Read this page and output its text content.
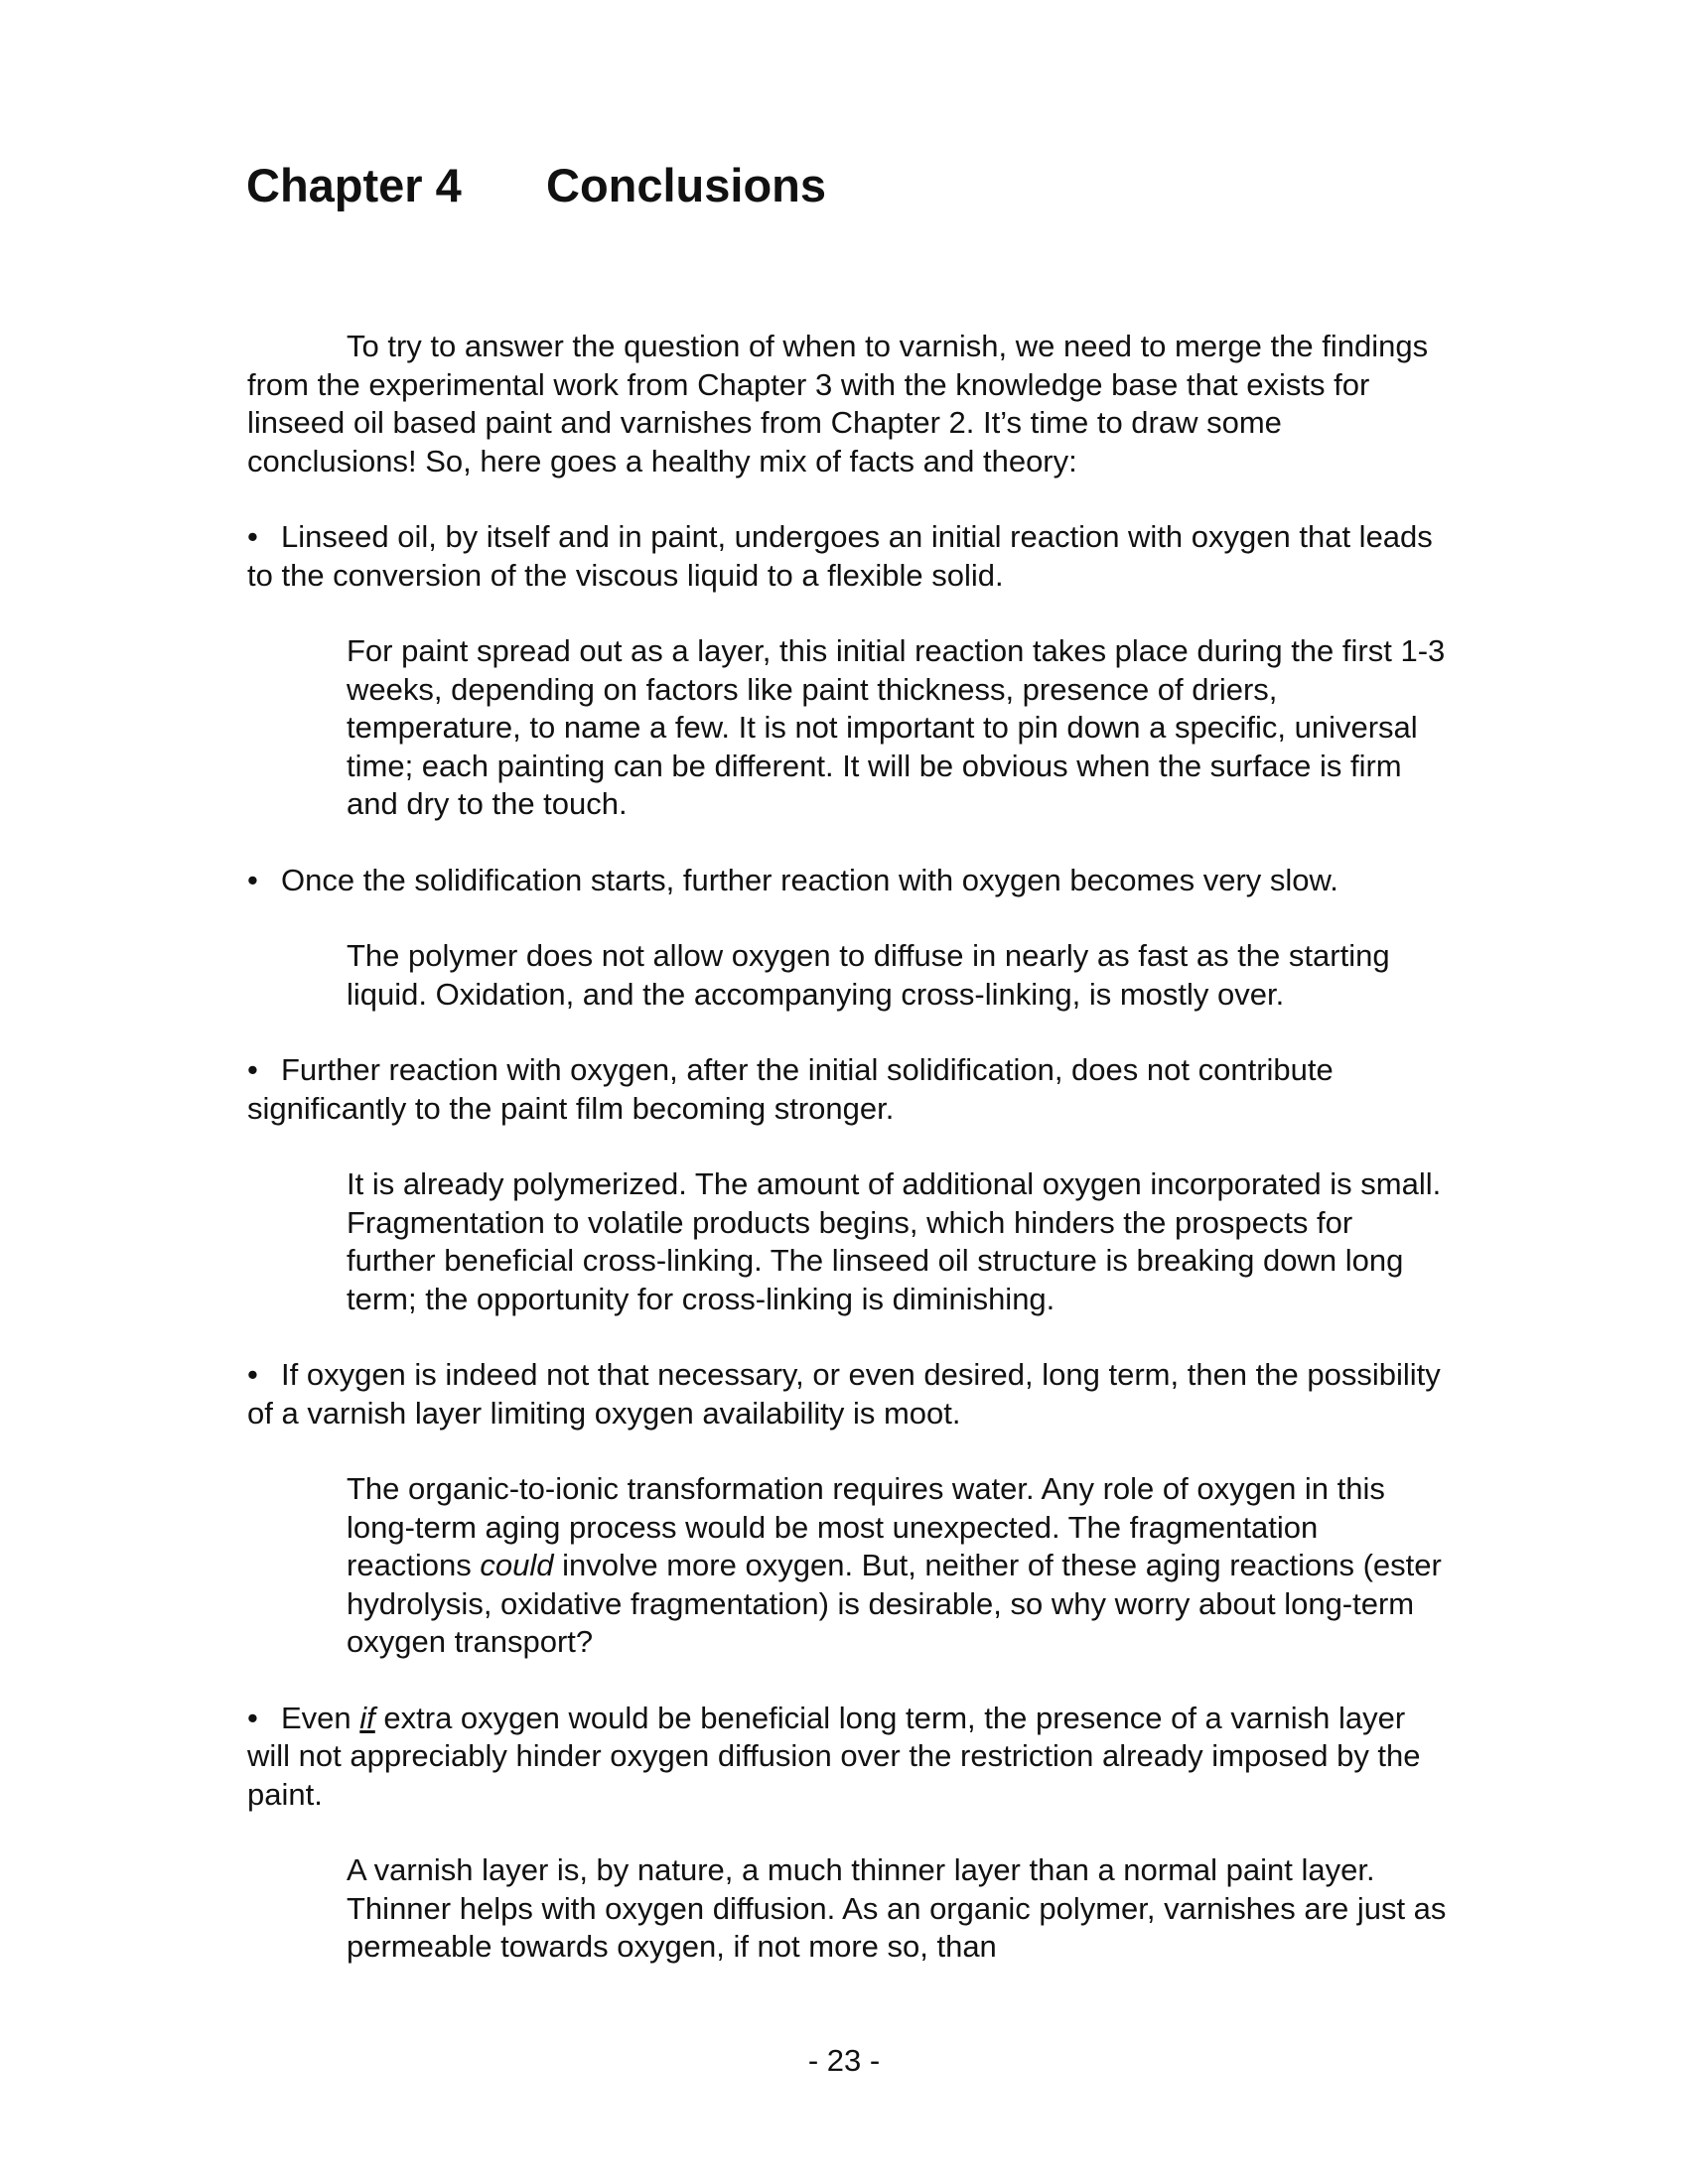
Chapter 4 Conclusions

To try to answer the question of when to varnish, we need to merge the findings from the experimental work from Chapter 3 with the knowledge base that exists for linseed oil based paint and varnishes from Chapter 2. It’s time to draw some conclusions! So, here goes a healthy mix of facts and theory:

• Linseed oil, by itself and in paint, undergoes an initial reaction with oxygen that leads to the conversion of the viscous liquid to a flexible solid.

For paint spread out as a layer, this initial reaction takes place during the first 1-3 weeks, depending on factors like paint thickness, presence of driers, temperature, to name a few. It is not important to pin down a specific, universal time; each painting can be different. It will be obvious when the surface is firm and dry to the touch.

• Once the solidification starts, further reaction with oxygen becomes very slow.

The polymer does not allow oxygen to diffuse in nearly as fast as the starting liquid. Oxidation, and the accompanying cross-linking, is mostly over.

• Further reaction with oxygen, after the initial solidification, does not contribute significantly to the paint film becoming stronger.

It is already polymerized. The amount of additional oxygen incorporated is small. Fragmentation to volatile products begins, which hinders the prospects for further beneficial cross-linking. The linseed oil structure is breaking down long term; the opportunity for cross-linking is diminishing.

• If oxygen is indeed not that necessary, or even desired, long term, then the possibility of a varnish layer limiting oxygen availability is moot.

The organic-to-ionic transformation requires water. Any role of oxygen in this long-term aging process would be most unexpected. The fragmentation reactions could involve more oxygen. But, neither of these aging reactions (ester hydrolysis, oxidative fragmentation) is desirable, so why worry about long-term oxygen transport?

• Even if extra oxygen would be beneficial long term, the presence of a varnish layer will not appreciably hinder oxygen diffusion over the restriction already imposed by the paint.

A varnish layer is, by nature, a much thinner layer than a normal paint layer. Thinner helps with oxygen diffusion. As an organic polymer, varnishes are just as permeable towards oxygen, if not more so, than

- 23 -
